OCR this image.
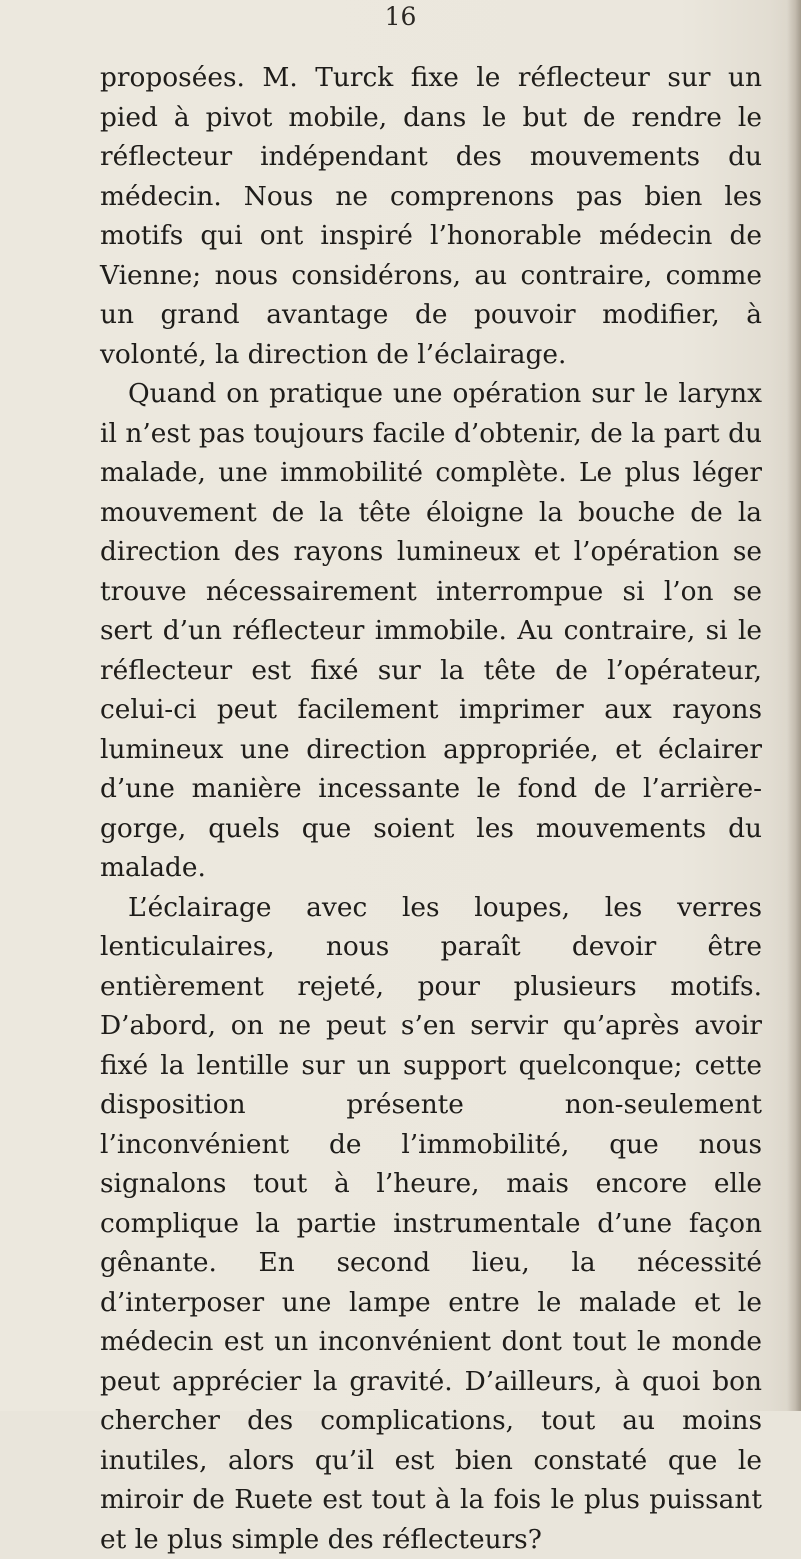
16

proposées. M. Turck fixe le réflecteur sur un pied à pivot mobile, dans le but de rendre le réflecteur indépendant des mouvements du médecin. Nous ne comprenons pas bien les motifs qui ont inspiré l’honorable médecin de Vienne; nous considérons, au contraire, comme un grand avantage de pouvoir modifier, à volonté, la direction de l’éclairage.

Quand on pratique une opération sur le larynx il n’est pas toujours facile d’obtenir, de la part du malade, une immobilité complète. Le plus léger mouvement de la tête éloigne la bouche de la direction des rayons lumineux et l’opération se trouve nécessairement interrompue si l’on se sert d’un réflecteur immobile. Au contraire, si le réflecteur est fixé sur la tête de l’opérateur, celui-ci peut facilement imprimer aux rayons lumineux une direction appropriée, et éclairer d’une manière incessante le fond de l’arrière-gorge, quels que soient les mouvements du malade.

L’éclairage avec les loupes, les verres lenticulaires, nous paraît devoir être entièrement rejeté, pour plusieurs motifs. D’abord, on ne peut s’en servir qu’après avoir fixé la lentille sur un support quelconque; cette disposition présente non-seulement l’inconvénient de l’immobilité, que nous signalons tout à l’heure, mais encore elle complique la partie instrumentale d’une façon gênante. En second lieu, la nécessité d’interposer une lampe entre le malade et le médecin est un inconvénient dont tout le monde peut apprécier la gravité. D’ailleurs, à quoi bon chercher des complications, tout au moins inutiles, alors qu’il est bien constaté que le miroir de Ruete est tout à la fois le plus puissant et le plus simple des réflecteurs?
